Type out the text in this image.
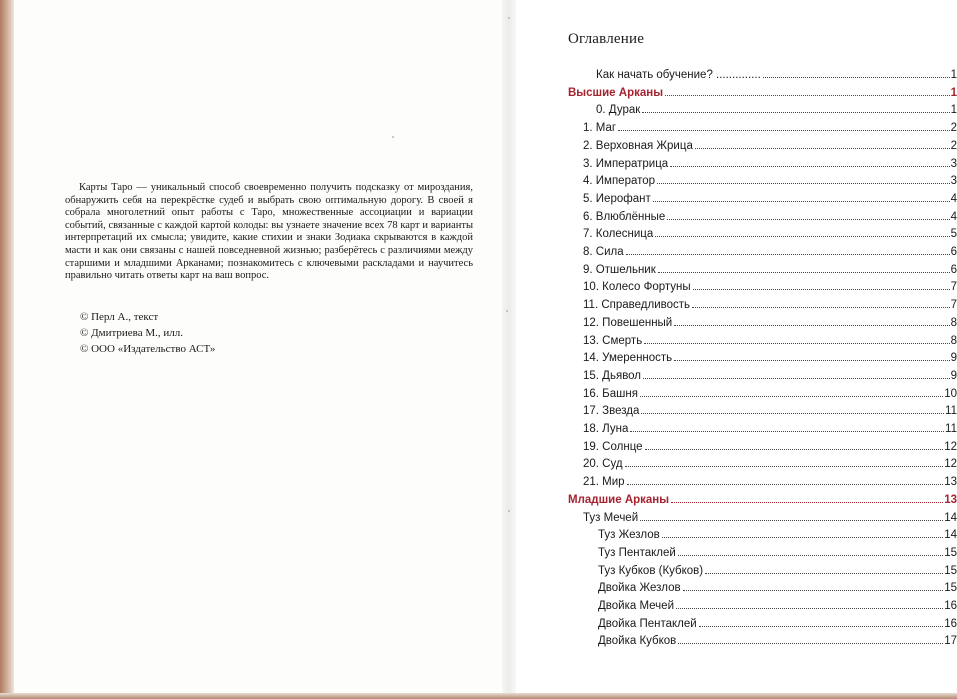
Карты Таро — уникальный способ своевременно получить подсказку от мироздания, обнаружить себя на перекрёстке судеб и выбрать свою оптимальную дорогу. В своей я собрала многолетний опыт работы с Таро, множественные ассоциации и вариации событий, связанные с каждой картой колоды: вы узнаете значение всех 78 карт и варианты интерпретаций их смысла; увидите, какие стихии и знаки Зодиака скрываются в каждой масти и как они связаны с нашей повседневной жизнью; разберётесь с различиями между старшими и младшими Арканами; познакомитесь с ключевыми раскладами и научитесь правильно читать ответы карт на ваш вопрос.

© Перл А., текст
© Дмитриева М., илл.
© ООО «Издательство АСТ»
Оглавление
Как начать обучение? ..............	1
Высшие Арканы	1
0. Дурак	1
1. Маг	2
2. Верховная Жрица	2
3. Императрица	3
4. Император	3
5. Иерофант	4
6. Влюблённые	4
7. Колесница	5
8. Сила	6
9. Отшельник	6
10. Колесо Фортуны	7
11. Справедливость	7
12. Повешенный	8
13. Смерть	8
14. Умеренность	9
15. Дьявол	9
16. Башня	10
17. Звезда	11
18. Луна	11
19. Солнце	12
20. Суд	12
21. Мир	13
Младшие Арканы	13
Туз Мечей	14
Туз Жезлов	14
Туз Пентаклей	15
Туз Кубков (Кубков)	15
Двойка Жезлов	15
Двойка Мечей	16
Двойка Пентаклей	16
Двойка Кубков	17
